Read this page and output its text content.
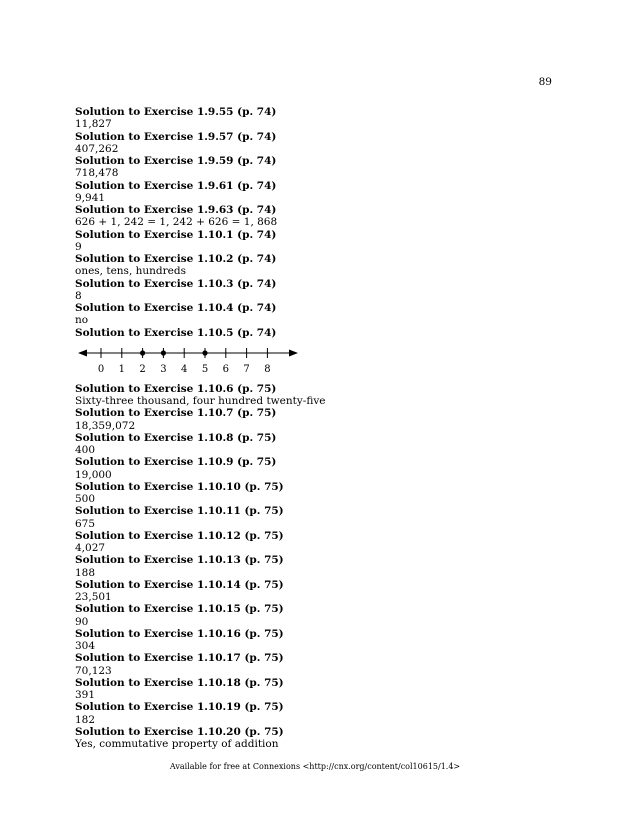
89
Solution to Exercise 1.9.55 (p. 74)
11,827
Solution to Exercise 1.9.57 (p. 74)
407,262
Solution to Exercise 1.9.59 (p. 74)
718,478
Solution to Exercise 1.9.61 (p. 74)
9,941
Solution to Exercise 1.9.63 (p. 74)
626 + 1, 242 = 1, 242 + 626 = 1, 868
Solution to Exercise 1.10.1 (p. 74)
9
Solution to Exercise 1.10.2 (p. 74)
ones, tens, hundreds
Solution to Exercise 1.10.3 (p. 74)
8
Solution to Exercise 1.10.4 (p. 74)
no
Solution to Exercise 1.10.5 (p. 74)
0 1 2 3 4 5 6 7 8
Solution to Exercise 1.10.6 (p. 75)
Sixty-three thousand, four hundred twenty-five
Solution to Exercise 1.10.7 (p. 75)
18,359,072
Solution to Exercise 1.10.8 (p. 75)
400
Solution to Exercise 1.10.9 (p. 75)
19,000
Solution to Exercise 1.10.10 (p. 75)
500
Solution to Exercise 1.10.11 (p. 75)
675
Solution to Exercise 1.10.12 (p. 75)
4,027
Solution to Exercise 1.10.13 (p. 75)
188
Solution to Exercise 1.10.14 (p. 75)
23,501
Solution to Exercise 1.10.15 (p. 75)
90
Solution to Exercise 1.10.16 (p. 75)
304
Solution to Exercise 1.10.17 (p. 75)
70,123
Solution to Exercise 1.10.18 (p. 75)
391
Solution to Exercise 1.10.19 (p. 75)
182
Solution to Exercise 1.10.20 (p. 75)
Yes, commutative property of addition
Available for free at Connexions <http://cnx.org/content/col10615/1.4>
